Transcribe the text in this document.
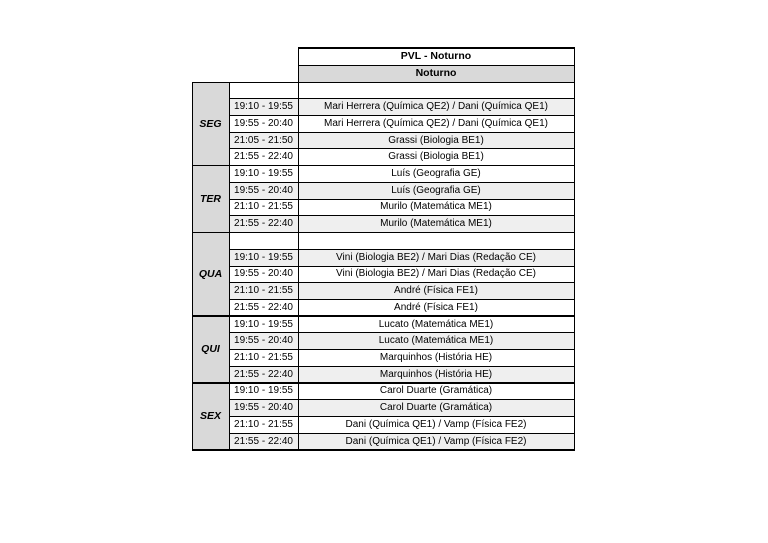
PVL - Noturno
Noturno
19:10 - 19:55	Mari Herrera (Química QE2) / Dani (Química QE1)
19:55 - 20:40	Mari Herrera (Química QE2) / Dani (Química QE1)
21:05 - 21:50	Grassi (Biologia BE1)
21:55 - 22:40	Grassi (Biologia BE1)
SEG
19:10 - 19:55	Luís (Geografia GE)
19:55 - 20:40	Luís (Geografia GE)
21:10 - 21:55	Murilo (Matemática ME1)
21:55 - 22:40	Murilo (Matemática ME1)
TER
19:10 - 19:55	Vini (Biologia BE2) / Mari Dias (Redação CE)
19:55 - 20:40	Vini (Biologia BE2) / Mari Dias (Redação CE)
21:10 - 21:55	André (Física FE1)
21:55 - 22:40	André (Física FE1)
QUA
19:10 - 19:55	Lucato (Matemática ME1)
19:55 - 20:40	Lucato (Matemática ME1)
21:10 - 21:55	Marquinhos (História HE)
21:55 - 22:40	Marquinhos (História HE)
QUI
19:10 - 19:55	Carol Duarte (Gramática)
19:55 - 20:40	Carol Duarte (Gramática)
21:10 - 21:55	Dani (Química QE1) / Vamp (Física FE2)
21:55 - 22:40	Dani (Química QE1) / Vamp (Física FE2)
SEX
